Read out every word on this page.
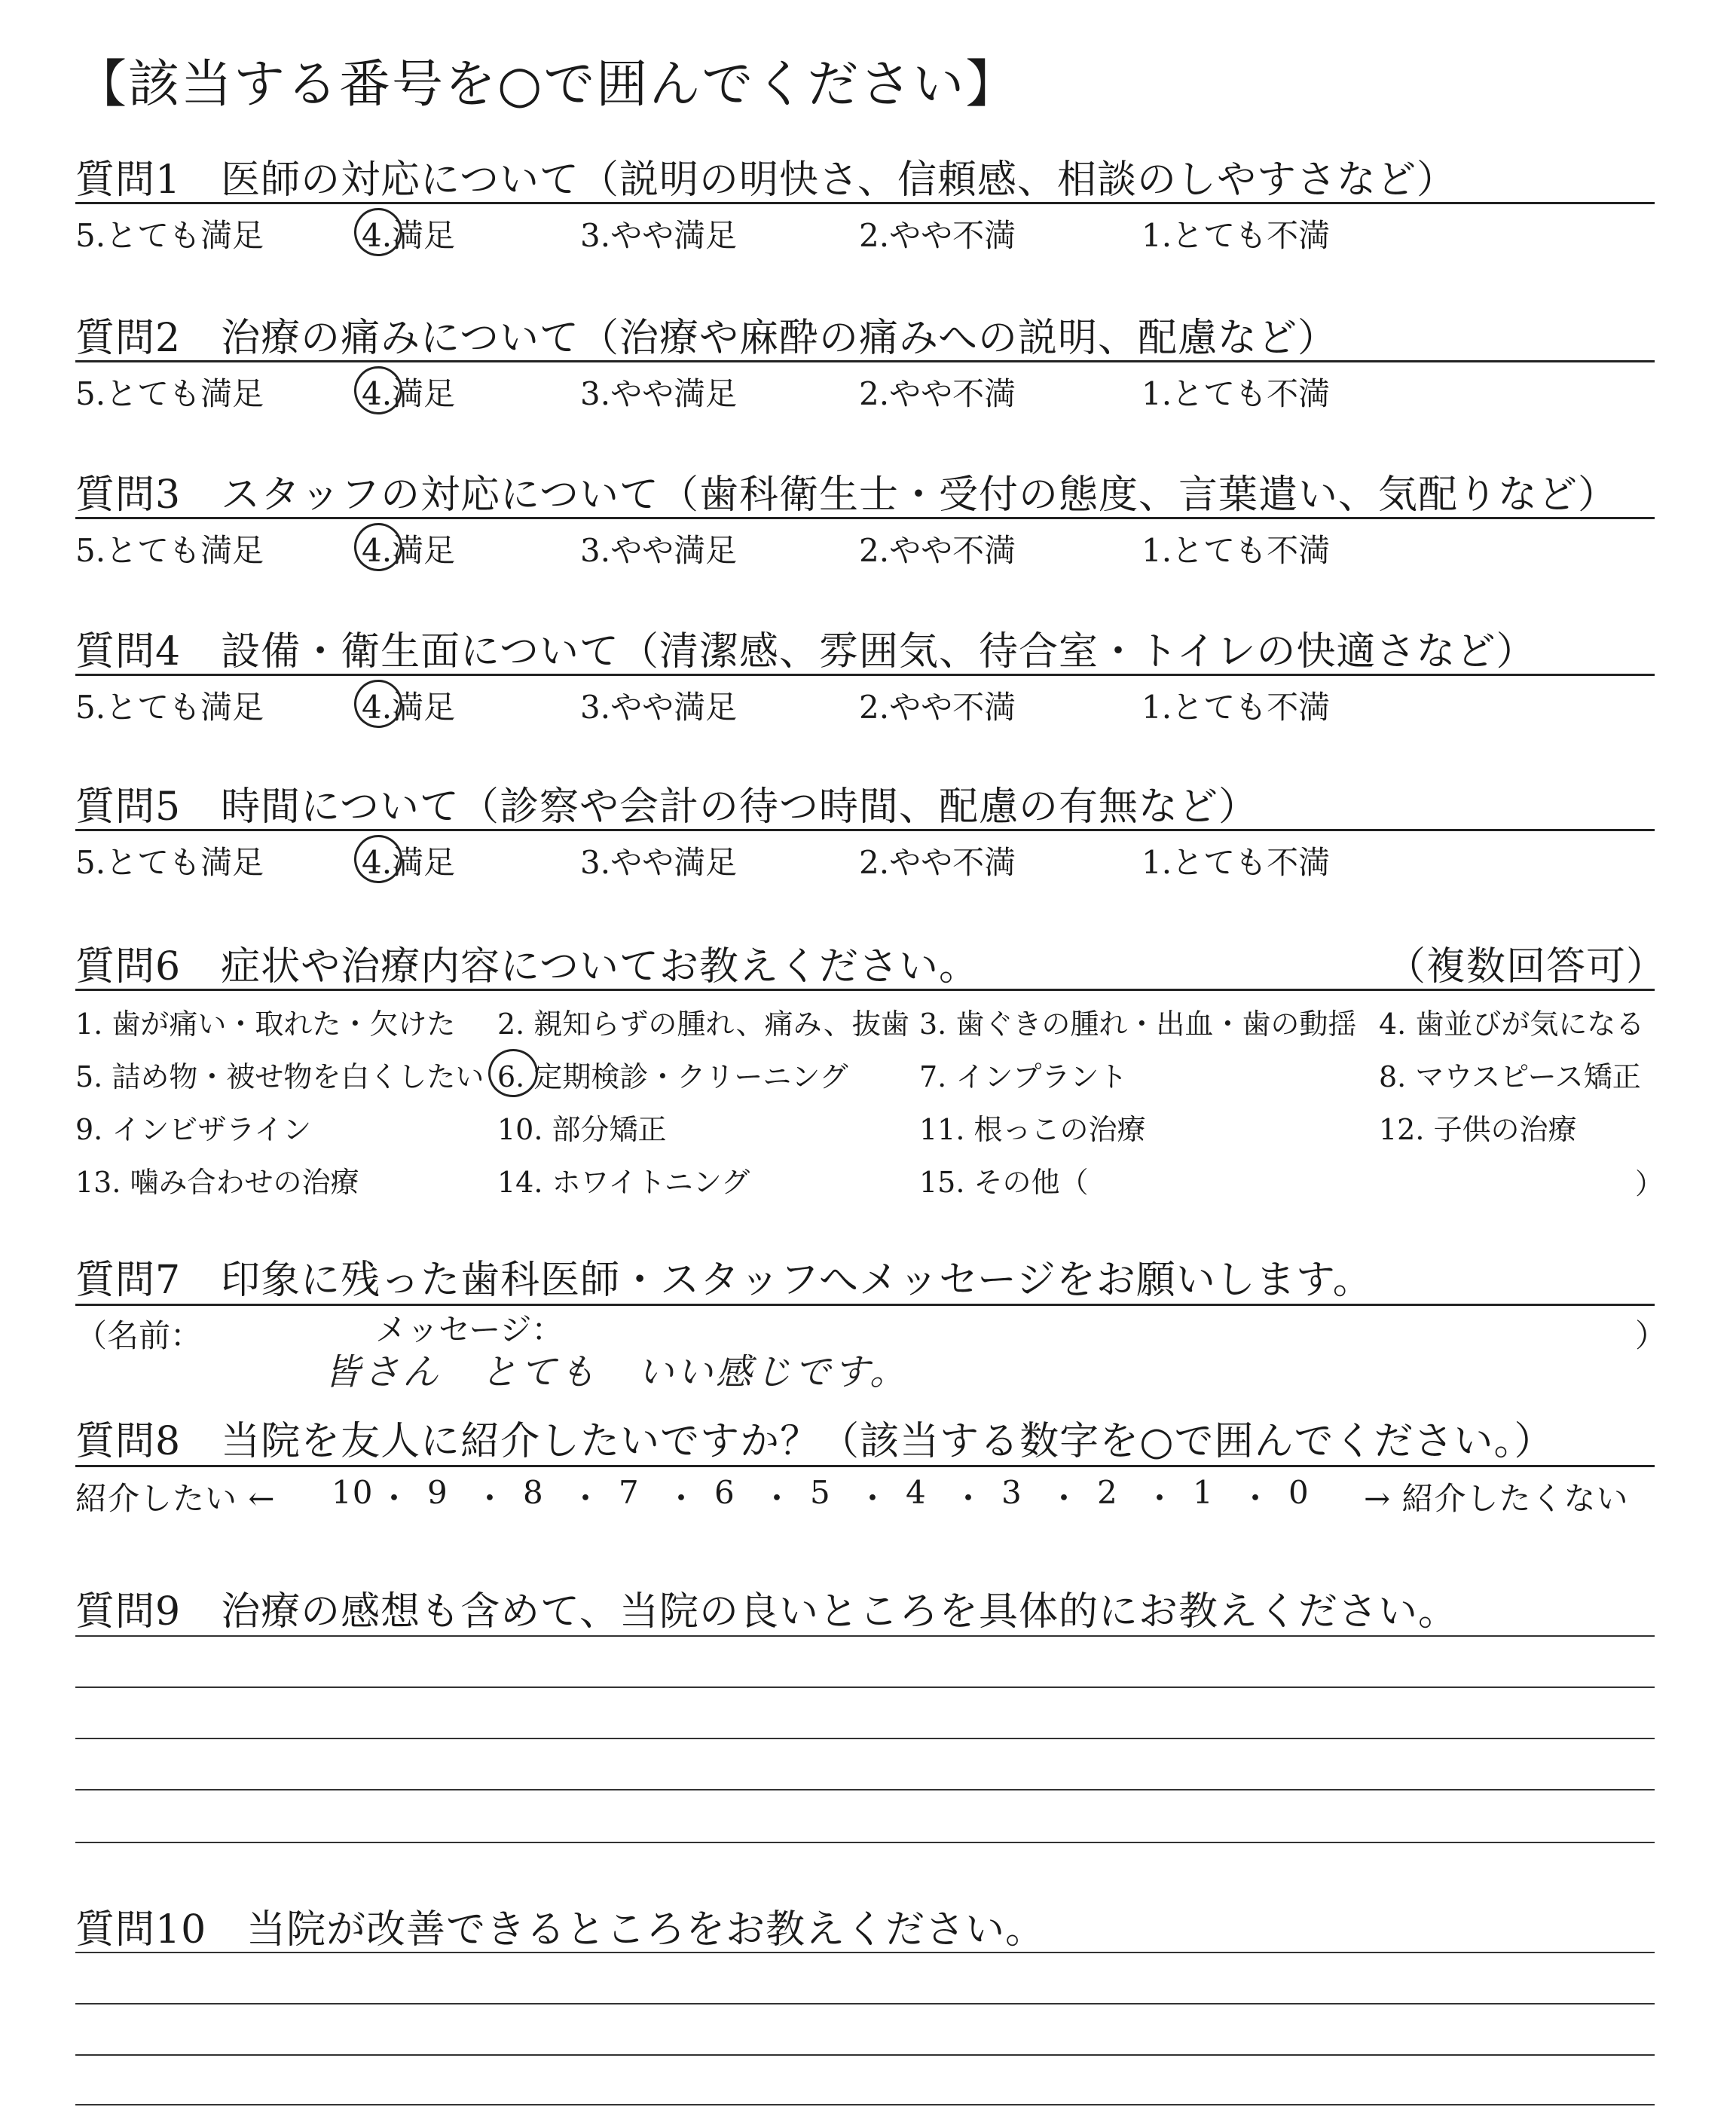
【該当する番号を○で囲んでください】
質問6　症状や治療内容についてお教えください。	（複数回答可）
）
質問7　印象に残った歯科医師・スタッフへメッセージをお願いします。
（名前：	メッセージ：	）
皆さん　とても　いい感じです。
質問8　当院を友人に紹介したいですか？（該当する数字を○で囲んでください。）
紹介したい ←	→ 紹介したくない
質問9　治療の感想も含めて、当院の良いところを具体的にお教えください。
質問10　当院が改善できるところをお教えください。
質問1　医師の対応について（説明の明快さ、信頼感、相談のしやすさなど）
5.とても満足	4.満足	3.やや満足	2.やや不満	1.とても不満
質問2　治療の痛みについて（治療や麻酔の痛みへの説明、配慮など）
5.とても満足	4.満足	3.やや満足	2.やや不満	1.とても不満
質問3　スタッフの対応について（歯科衛生士・受付の態度、言葉遣い、気配りなど）
5.とても満足	4.満足	3.やや満足	2.やや不満	1.とても不満
質問4　設備・衛生面について（清潔感、雰囲気、待合室・トイレの快適さなど）
5.とても満足	4.満足	3.やや満足	2.やや不満	1.とても不満
質問5　時間について（診察や会計の待つ時間、配慮の有無など）
5.とても満足	4.満足	3.やや満足	2.やや不満	1.とても不満
1. 歯が痛い・取れた・欠けた 2. 親知らずの腫れ、痛み、抜歯 3. 歯ぐきの腫れ・出血・歯の動揺 4. 歯並びが気になる
5. 詰め物・被せ物を白くしたい 6. 定期検診・クリーニング 7. インプラント	8. マウスピース矯正
9. インビザライン	10. 部分矯正	11. 根っこの治療	12. 子供の治療
13. 噛み合わせの治療	14. ホワイトニング	15. その他（
10 ・ 9 ・ 8 ・ 7 ・ 6 ・ 5 ・ 4 ・ 3 ・ 2 ・ 1 ・ 0
